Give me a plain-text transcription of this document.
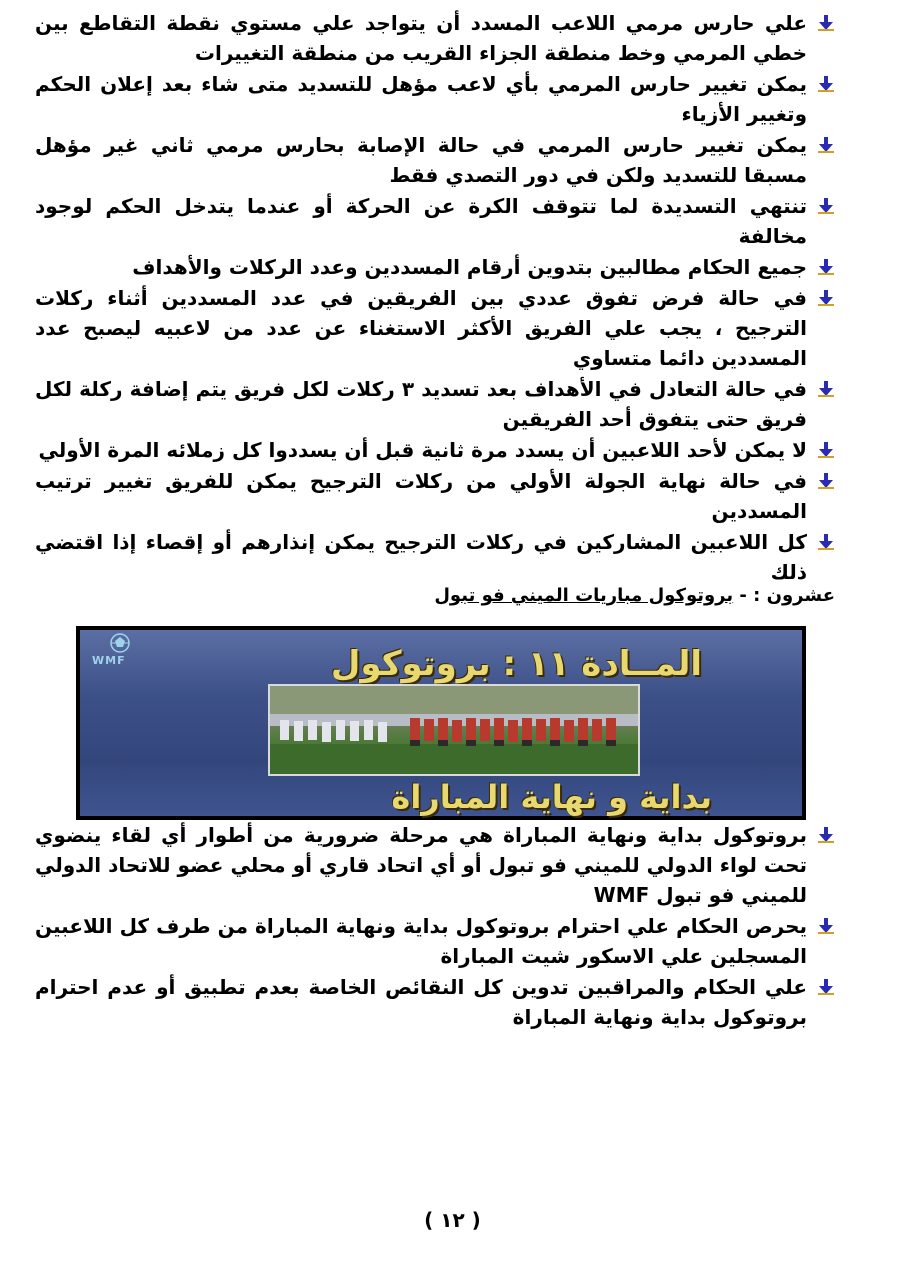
علي حارس مرمي اللاعب المسدد أن يتواجد علي مستوي نقطة التقاطع بين خطي المرمي وخط منطقة الجزاء القريب من منطقة التغييرات
يمكن تغيير حارس المرمي بأي لاعب مؤهل للتسديد متى شاء بعد إعلان الحكم وتغيير الأزياء
يمكن تغيير حارس المرمي في حالة الإصابة بحارس مرمي ثاني غير مؤهل مسبقا للتسديد ولكن في دور التصدي فقط
تنتهي التسديدة لما تتوقف الكرة عن الحركة أو عندما يتدخل الحكم لوجود مخالفة
جميع الحكام مطالبين بتدوين أرقام المسددين وعدد الركلات والأهداف
في حالة فرض تفوق عددي بين الفريقين في عدد المسددين أثناء ركلات الترجيح ، يجب علي الفريق الأكثر الاستغناء عن عدد من لاعبيه ليصبح عدد المسددين دائما متساوي
في حالة التعادل في الأهداف بعد تسديد ٣ ركلات لكل فريق يتم إضافة ركلة لكل فريق حتى يتفوق أحد الفريقين
لا يمكن لأحد اللاعبين أن يسدد مرة ثانية قبل أن يسددوا كل زملائه المرة الأولي
في حالة نهاية الجولة الأولي من ركلات الترجيح يمكن للفريق تغيير ترتيب المسددين
كل اللاعبين المشاركين في ركلات الترجيح يمكن إنذارهم أو إقصاء إذا اقتضي ذلك
عشرون : - بروتوكول مباريات الميني فو تبول
WMF	المــادة ١١ : بروتوكول
بداية و نهاية المباراة
بروتوكول بداية ونهاية المباراة هي مرحلة ضرورية من أطوار أي لقاء ينضوي تحت لواء الدولي للميني فو تبول أو أي اتحاد قاري أو محلي عضو للاتحاد الدولي للميني فو تبول WMF
يحرص الحكام علي احترام بروتوكول بداية ونهاية المباراة من طرف كل اللاعبين المسجلين علي الاسكور شيت المباراة
علي الحكام والمراقبين تدوين كل النقائص الخاصة بعدم تطبيق أو عدم احترام بروتوكول بداية ونهاية المباراة
( ١٢ )
